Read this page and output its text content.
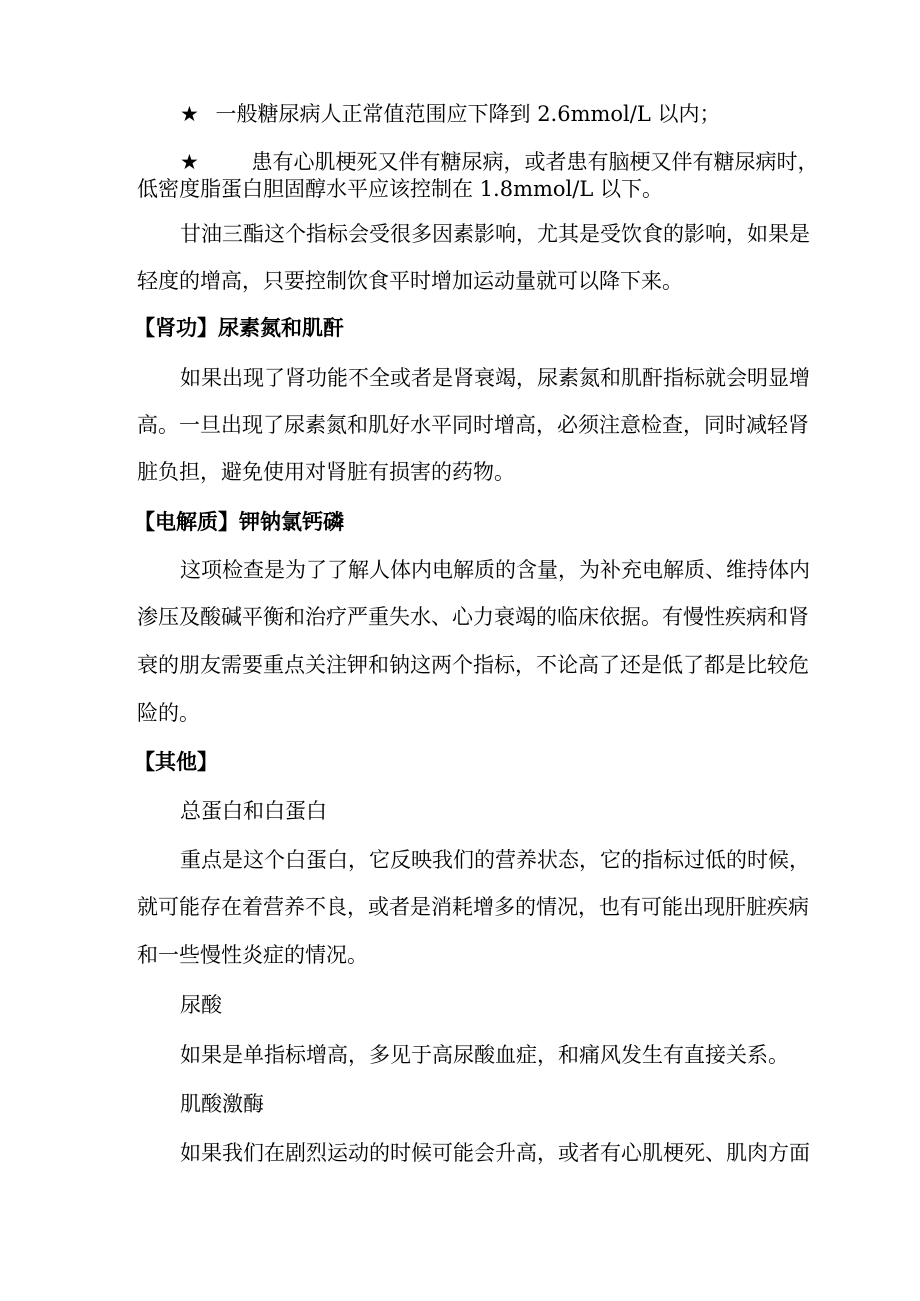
★ 一般糖尿病人正常值范围应下降到 2.6mmol/L 以内；
★	患有心肌梗死又伴有糖尿病，或者患有脑梗又伴有糖尿病时，
低密度脂蛋白胆固醇水平应该控制在 1.8mmol/L 以下。
甘油三酯这个指标会受很多因素影响，尤其是受饮食的影响，如果是
轻度的增高，只要控制饮食平时增加运动量就可以降下来。
【肾功】尿素氮和肌酐
如果出现了肾功能不全或者是肾衰竭，尿素氮和肌酐指标就会明显增
高。一旦出现了尿素氮和肌好水平同时增高，必须注意检查，同时减轻肾
脏负担，避免使用对肾脏有损害的药物。
【电解质】钾钠氯钙磷
这项检查是为了了解人体内电解质的含量，为补充电解质、维持体内
渗压及酸碱平衡和治疗严重失水、心力衰竭的临床依据。有慢性疾病和肾
衰的朋友需要重点关注钾和钠这两个指标，不论高了还是低了都是比较危
险的。
【其他】
总蛋白和白蛋白
重点是这个白蛋白，它反映我们的营养状态，它的指标过低的时候，
就可能存在着营养不良，或者是消耗增多的情况，也有可能出现肝脏疾病
和一些慢性炎症的情况。
尿酸
如果是单指标增高，多见于高尿酸血症，和痛风发生有直接关系。
肌酸激酶
如果我们在剧烈运动的时候可能会升高，或者有心肌梗死、肌肉方面
